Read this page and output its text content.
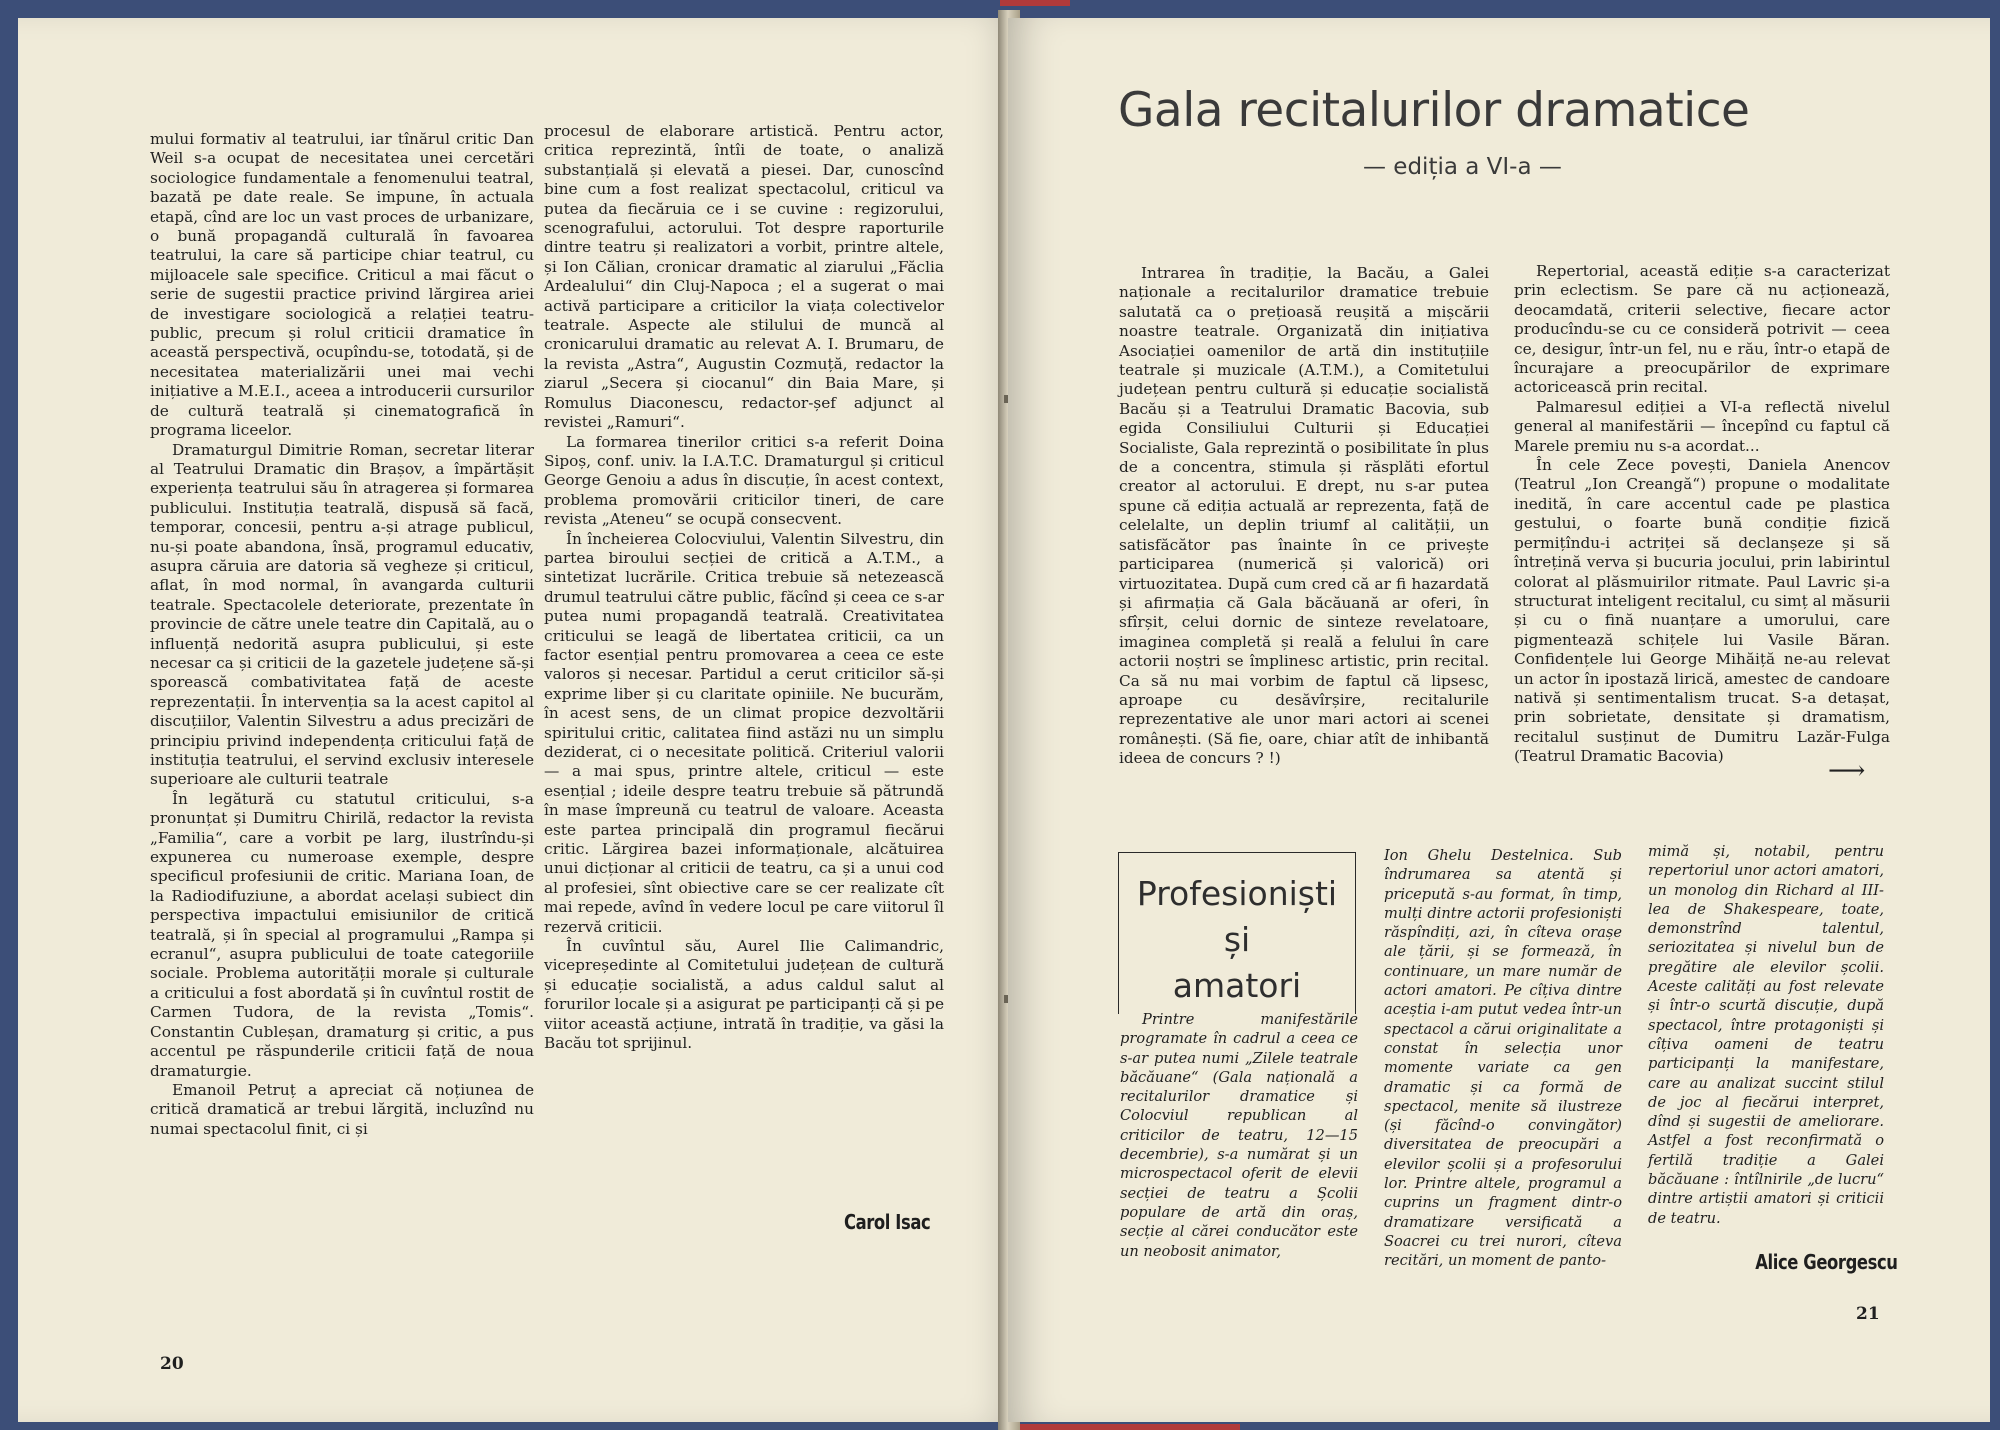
mului formativ al teatrului, iar tînărul critic Dan Weil s-a ocupat de necesitatea unei cercetări sociologice fundamentale a fenomenului teatral, bazată pe date reale. Se impune, în actuala etapă, cînd are loc un vast proces de urbanizare, o bună propagandă culturală în favoarea teatrului, la care să participe chiar teatrul, cu mijloacele sale specifice. Criticul a mai făcut o serie de sugestii practice privind lărgirea ariei de investigare sociologică a relației teatru-public, precum și rolul criticii dramatice în această perspectivă, ocupîndu-se, totodată, și de necesitatea materializării unei mai vechi inițiative a M.E.I., aceea a introducerii cursurilor de cultură teatrală și cinematografică în programa liceelor.

Dramaturgul Dimitrie Roman, secretar literar al Teatrului Dramatic din Brașov, a împărtășit experiența teatrului său în atragerea și formarea publicului. Instituția teatrală, dispusă să facă, temporar, concesii, pentru a-și atrage publicul, nu-și poate abandona, însă, programul educativ, asupra căruia are datoria să vegheze și criticul, aflat, în mod normal, în avangarda culturii teatrale. Spectacolele deteriorate, prezentate în provincie de către unele teatre din Capitală, au o influență nedorită asupra publicului, și este necesar ca și criticii de la gazetele județene să-și sporească combativitatea față de aceste reprezentații. În intervenția sa la acest capitol al discuțiilor, Valentin Silvestru a adus precizări de principiu privind independența criticului față de instituția teatrului, el servind exclusiv interesele superioare ale culturii teatrale

În legătură cu statutul criticului, s-a pronunțat și Dumitru Chirilă, redactor la revista „Familia“, care a vorbit pe larg, ilustrîndu-și expunerea cu numeroase exemple, despre specificul profesiunii de critic. Mariana Ioan, de la Radiodifuziune, a abordat același subiect din perspectiva impactului emisiunilor de critică teatrală, și în special al programului „Rampa și ecranul“, asupra publicului de toate categoriile sociale. Problema autorității morale și culturale a criticului a fost abordată și în cuvîntul rostit de Carmen Tudora, de la revista „Tomis“. Constantin Cubleșan, dramaturg și critic, a pus accentul pe răspunderile criticii față de noua dramaturgie.

Emanoil Petruț a apreciat că noțiunea de critică dramatică ar trebui lărgită, incluzînd nu numai spectacolul finit, ci și

procesul de elaborare artistică. Pentru actor, critica reprezintă, întîi de toate, o analiză substanțială și elevată a piesei. Dar, cunoscînd bine cum a fost realizat spectacolul, criticul va putea da fiecăruia ce i se cuvine : regizorului, scenografului, actorului. Tot despre raporturile dintre teatru și realizatori a vorbit, printre altele, și Ion Călian, cronicar dramatic al ziarului „Făclia Ardealului“ din Cluj-Napoca ; el a sugerat o mai activă participare a criticilor la viața colectivelor teatrale. Aspecte ale stilului de muncă al cronicarului dramatic au relevat A. I. Brumaru, de la revista „Astra“, Augustin Cozmuță, redactor la ziarul „Secera și ciocanul“ din Baia Mare, și Romulus Diaconescu, redactor-șef adjunct al revistei „Ramuri“.

La formarea tinerilor critici s-a referit Doina Sipoș, conf. univ. la I.A.T.C. Dramaturgul și criticul George Genoiu a adus în discuție, în acest context, problema promovării criticilor tineri, de care revista „Ateneu“ se ocupă consecvent.

În încheierea Colocviului, Valentin Silvestru, din partea biroului secției de critică a A.T.M., a sintetizat lucrările. Critica trebuie să netezească drumul teatrului către public, făcînd și ceea ce s-ar putea numi propagandă teatrală. Creativitatea criticului se leagă de libertatea criticii, ca un factor esențial pentru promovarea a ceea ce este valoros și necesar. Partidul a cerut criticilor să-și exprime liber și cu claritate opiniile. Ne bucurăm, în acest sens, de un climat propice dezvoltării spiritului critic, calitatea fiind astăzi nu un simplu deziderat, ci o necesitate politică. Criteriul valorii — a mai spus, printre altele, criticul — este esențial ; ideile despre teatru trebuie să pătrundă în mase împreună cu teatrul de valoare. Aceasta este partea principală din programul fiecărui critic. Lărgirea bazei informaționale, alcătuirea unui dicționar al criticii de teatru, ca și a unui cod al profesiei, sînt obiective care se cer realizate cît mai repede, avînd în vedere locul pe care viitorul îl rezervă criticii.

În cuvîntul său, Aurel Ilie Calimandric, vicepreședinte al Comitetului județean de cultură și educație socialistă, a adus caldul salut al forurilor locale și a asigurat pe participanți că și pe viitor această acțiune, intrată în tradiție, va găsi la Bacău tot sprijinul.

Carol Isac
20
Gala recitalurilor dramatice
— ediția a VI-a —

Intrarea în tradiție, la Bacău, a Galei naționale a recitalurilor dramatice trebuie salutată ca o prețioasă reușită a mișcării noastre teatrale. Organizată din inițiativa Asociației oamenilor de artă din instituțiile teatrale și muzicale (A.T.M.), a Comitetului județean pentru cultură și educație socialistă Bacău și a Teatrului Dramatic Bacovia, sub egida Consiliului Culturii și Educației Socialiste, Gala reprezintă o posibilitate în plus de a concentra, stimula și răsplăti efortul creator al actorului. E drept, nu s-ar putea spune că ediția actuală ar reprezenta, față de celelalte, un deplin triumf al calității, un satisfăcător pas înainte în ce privește participarea (numerică și valorică) ori virtuozitatea. După cum cred că ar fi hazardată și afirmația că Gala băcăuană ar oferi, în sfîrșit, celui dornic de sinteze revelatoare, imaginea completă și reală a felului în care actorii noștri se împlinesc artistic, prin recital. Ca să nu mai vorbim de faptul că lipsesc, aproape cu desăvîrșire, recitalurile reprezentative ale unor mari actori ai scenei românești. (Să fie, oare, chiar atît de inhibantă ideea de concurs ? !)

Repertorial, această ediție s-a caracterizat prin eclectism. Se pare că nu acționează, deocamdată, criterii selective, fiecare actor producîndu-se cu ce consideră potrivit — ceea ce, desigur, într-un fel, nu e rău, într-o etapă de încurajare a preocupărilor de exprimare actoricească prin recital.

Palmaresul ediției a VI-a reflectă nivelul general al manifestării — începînd cu faptul că Marele premiu nu s-a acordat...

În cele Zece povești, Daniela Anencov (Teatrul „Ion Creangă“) propune o modalitate inedită, în care accentul cade pe plastica gestului, o foarte bună condiție fizică permițîndu-i actriței să declanșeze și să întrețină verva și bucuria jocului, prin labirintul colorat al plăsmuirilor ritmate. Paul Lavric și-a structurat inteligent recitalul, cu simț al măsurii și cu o fină nuanțare a umorului, care pigmentează schițele lui Vasile Băran. Confidențele lui George Mihăiță ne-au relevat un actor în ipostază lirică, amestec de candoare nativă și sentimentalism trucat. S-a detașat, prin sobrietate, densitate și dramatism, recitalul susținut de Dumitru Lazăr-Fulga (Teatrul Dramatic Bacovia)	⟶
Profesioniști
și
amatori

Printre manifestările programate în cadrul a ceea ce s-ar putea numi „Zilele teatrale băcăuane“ (Gala națională a recitalurilor dramatice și Colocviul republican al criticilor de teatru, 12—15 decembrie), s-a numărat și un microspectacol oferit de elevii secției de teatru a Școlii populare de artă din oraș, secție al cărei conducător este un neobosit animator,

Ion Ghelu Destelnica. Sub îndrumarea sa atentă și pricepută s-au format, în timp, mulți dintre actorii profesioniști răspîndiți, azi, în cîteva orașe ale țării, și se formează, în continuare, un mare număr de actori amatori. Pe cîțiva dintre aceștia i-am putut vedea într-un spectacol a cărui originalitate a constat în selecția unor momente variate ca gen dramatic și ca formă de spectacol, menite să ilustreze (și făcînd-o convingător) diversitatea de preocupări a elevilor școlii și a profesorului lor. Printre altele, programul a cuprins un fragment dintr-o dramatizare versificată a Soacrei cu trei nurori, cîteva recitări, un moment de panto-

mimă și, notabil, pentru repertoriul unor actori amatori, un monolog din Richard al III-lea de Shakespeare, toate, demonstrînd talentul, seriozitatea și nivelul bun de pregătire ale elevilor școlii. Aceste calități au fost relevate și într-o scurtă discuție, după spectacol, între protagoniști și cîțiva oameni de teatru participanți la manifestare, care au analizat succint stilul de joc al fiecărui interpret, dînd și sugestii de ameliorare. Astfel a fost reconfirmată o fertilă tradiție a Galei băcăuane : întîlnirile „de lucru“ dintre artiștii amatori și criticii de teatru.

Alice Georgescu
21
